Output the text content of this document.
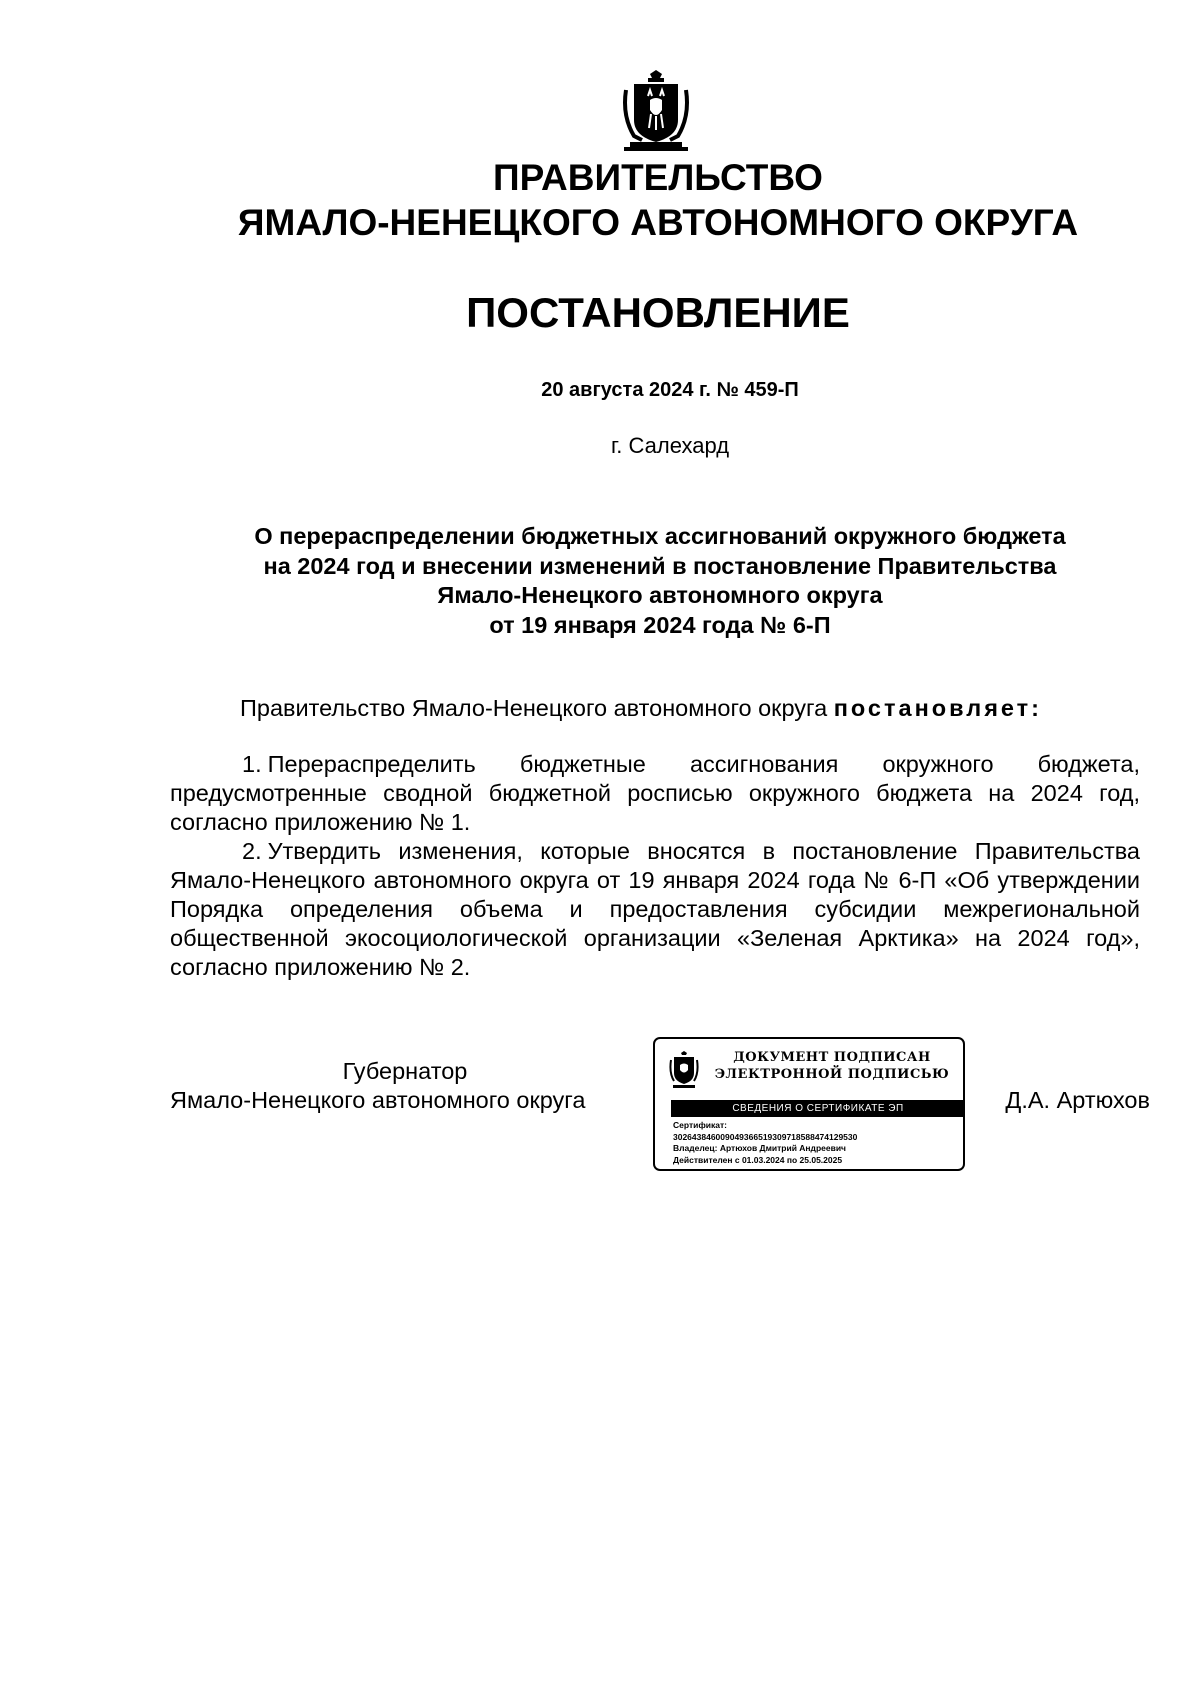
ПРАВИТЕЛЬСТВО
ЯМАЛО-НЕНЕЦКОГО АВТОНОМНОГО ОКРУГА
ПОСТАНОВЛЕНИЕ
20 августа 2024 г. № 459-П
г. Салехард
О перераспределении бюджетных ассигнований окружного бюджета
на 2024 год и внесении изменений в постановление Правительства
Ямало-Ненецкого автономного округа
от 19 января 2024 года № 6-П
Правительство Ямало-Ненецкого автономного округа постановляет:

1. Перераспределить бюджетные ассигнования окружного бюджета, предусмотренные сводной бюджетной росписью окружного бюджета на 2024 год, согласно приложению № 1.

2. Утвердить изменения, которые вносятся в постановление Правительства Ямало-Ненецкого автономного округа от 19 января 2024 года № 6-П «Об утверждении Порядка определения объема и предоставления субсидии межрегиональной общественной экосоциологической организации «Зеленая Арктика» на 2024 год», согласно приложению № 2.

Губернатор
Ямало-Ненецкого автономного округа
ДОКУМЕНТ ПОДПИСАН
ЭЛЕКТРОННОЙ ПОДПИСЬЮ
СВЕДЕНИЯ О СЕРТИФИКАТЕ ЭП
Сертификат:
302643846009049366519309718588474129530
Владелец: Артюхов Дмитрий Андреевич
Действителен с 01.03.2024 по 25.05.2025
Д.А. Артюхов
